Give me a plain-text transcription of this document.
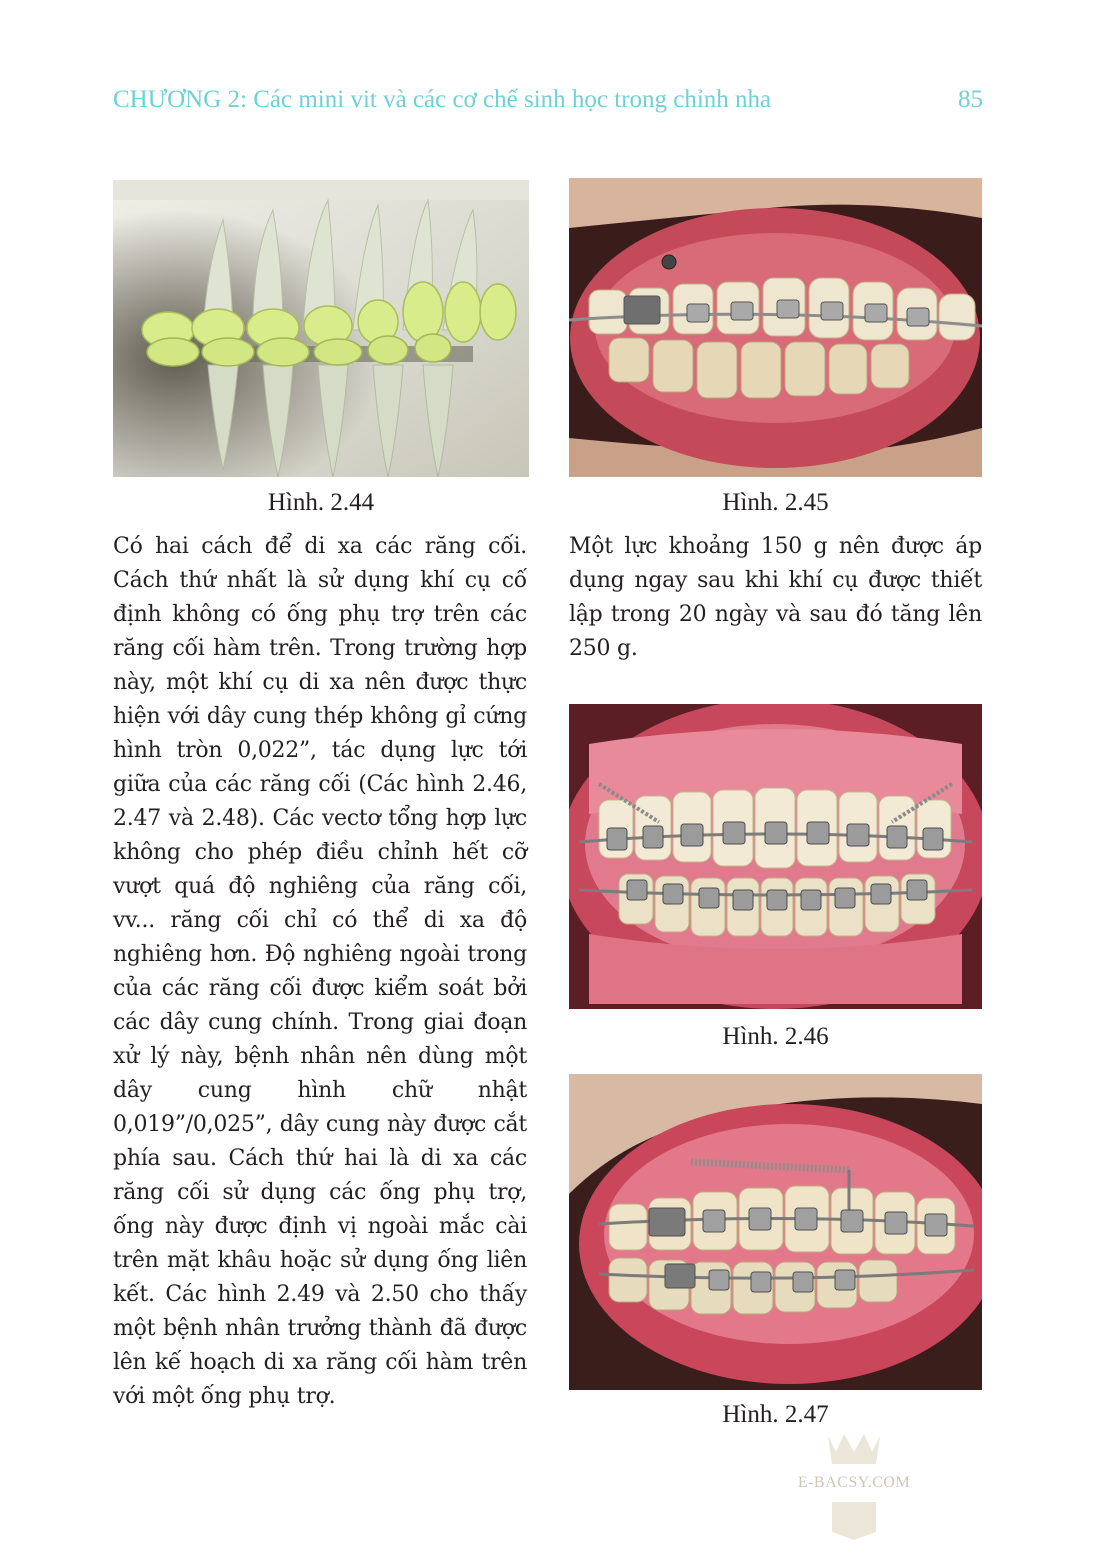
CHƯƠNG 2: Các mini vit và các cơ chế sinh học trong chỉnh nha	85
Hình. 2.44	Hình. 2.45

Có hai cách để di xa các răng cối. Cách thứ nhất là sử dụng khí cụ cố định không có ống phụ trợ trên các răng cối hàm trên. Trong trường hợp này, một khí cụ di xa nên được thực hiện với dây cung thép không gỉ cứng hình tròn 0,022”, tác dụng lực tới giữa của các răng cối (Các hình 2.46, 2.47 và 2.48). Các vectơ tổng hợp lực không cho phép điều chỉnh hết cỡ vượt quá độ nghiêng của răng cối, vv... răng cối chỉ có thể di xa độ nghiêng hơn. Độ nghiêng ngoài trong của các răng cối được kiểm soát bởi các dây cung chính. Trong giai đoạn xử lý này, bệnh nhân nên dùng một dây cung hình chữ nhật 0,019”/0,025”, dây cung này được cắt phía sau. Cách thứ hai là di xa các răng cối sử dụng các ống phụ trợ, ống này được định vị ngoài mắc cài trên mặt khâu hoặc sử dụng ống liên kết. Các hình 2.49 và 2.50 cho thấy một bệnh nhân trưởng thành đã được lên kế hoạch di xa răng cối hàm trên với một ống phụ trợ.

Một lực khoảng 150 g nên được áp dụng ngay sau khi khí cụ được thiết lập trong 20 ngày và sau đó tăng lên 250 g.

Hình. 2.46
Hình. 2.47
E-BACSY.COM
